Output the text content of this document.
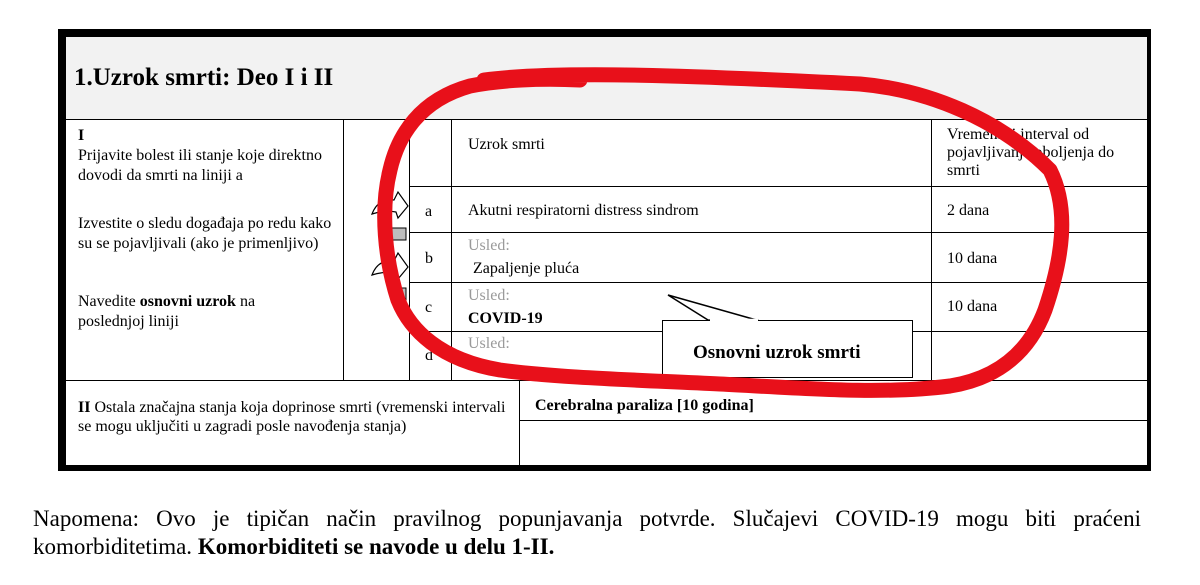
1.Uzrok smrti: Deo I i II
I
Prijavite bolest ili stanje koje direktno dovodi da smrti na liniji a
Izvestite o sledu događaja po redu kako su se pojavljivali (ako je primenljivo)
Navedite osnovni uzrok na poslednjoj liniji
Uzrok smrti
Vremenski interval od pojavljivanja oboljenja do smrti
a Akutni respiratorni distress sindrom	2 dana
b
Usled:
Zapaljenje pluća
10 dana
c
Usled:
COVID-19
10 dana
d
Usled:
II Ostala značajna stanja koja doprinose smrti (vremenski intervali se mogu uključiti u zagradi posle navođenja stanja)
Cerebralna paraliza [10 godina]
Osnovni uzrok smrti
Napomena: Ovo je tipičan način pravilnog popunjavanja potvrde. Slučajevi COVID-19 mogu biti praćeni komorbiditetima. Komorbiditeti se navode u delu 1-II.
